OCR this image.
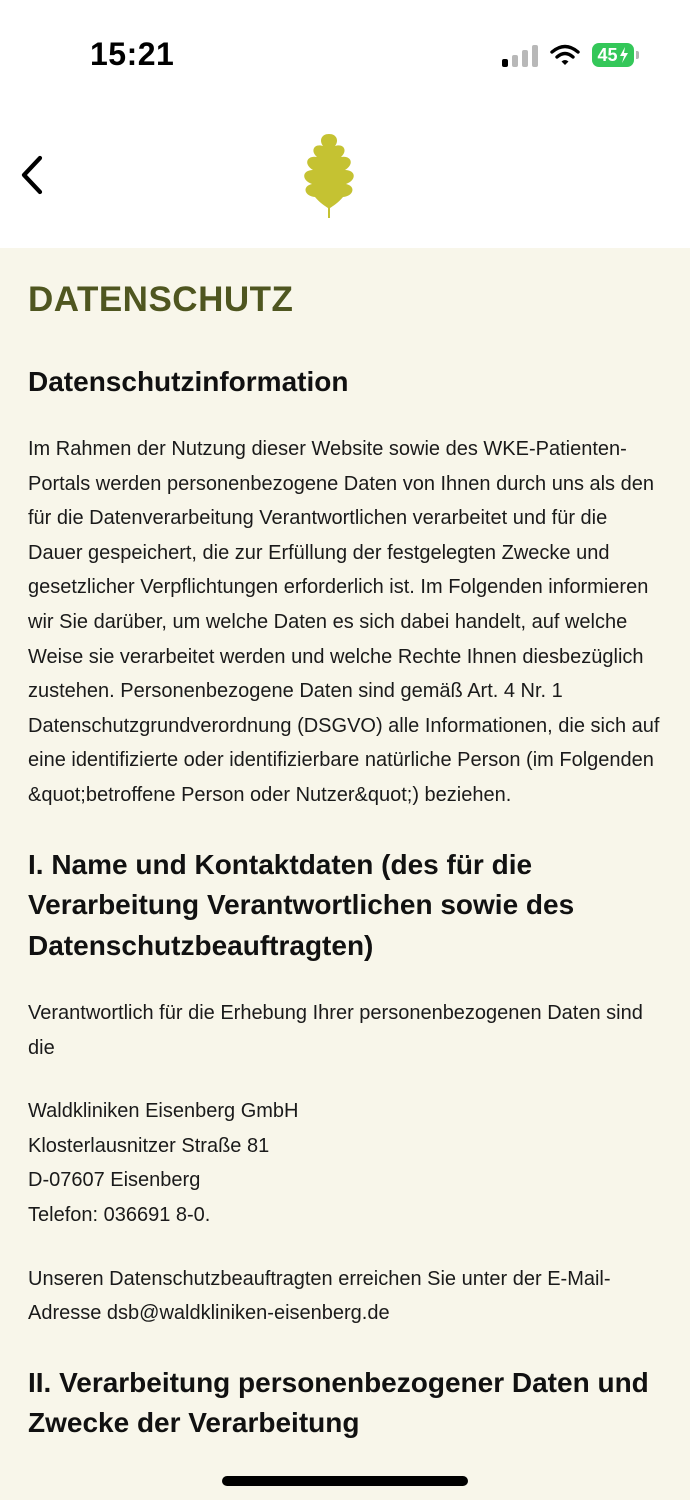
15:21	45
DATENSCHUTZ
Datenschutzinformation

Im Rahmen der Nutzung dieser Website sowie des WKE-Patienten-Portals werden personenbezogene Daten von Ihnen durch uns als den für die Datenverarbeitung Verantwortlichen verarbeitet und für die Dauer gespeichert, die zur Erfüllung der festgelegten Zwecke und gesetzlicher Verpflichtungen erforderlich ist. Im Folgenden informieren wir Sie darüber, um welche Daten es sich dabei handelt, auf welche Weise sie verarbeitet werden und welche Rechte Ihnen diesbezüglich zustehen. Personenbezogene Daten sind gemäß Art. 4 Nr. 1 Datenschutzgrundverordnung (DSGVO) alle Informationen, die sich auf eine identifizierte oder identifizierbare natürliche Person (im Folgenden &quot;betroffene Person oder Nutzer&quot;) beziehen.

I. Name und Kontaktdaten (des für die Verarbeitung Verantwortlichen sowie des Datenschutzbeauftragten)

Verantwortlich für die Erhebung Ihrer personenbezogenen Daten sind die

Waldkliniken Eisenberg GmbH

Klosterlausnitzer Straße 81

D-07607 Eisenberg

Telefon: 036691 8-0.

Unseren Datenschutzbeauftragten erreichen Sie unter der E-Mail-Adresse dsb@waldkliniken-eisenberg.de

II. Verarbeitung personenbezogener Daten und Zwecke der Verarbeitung
